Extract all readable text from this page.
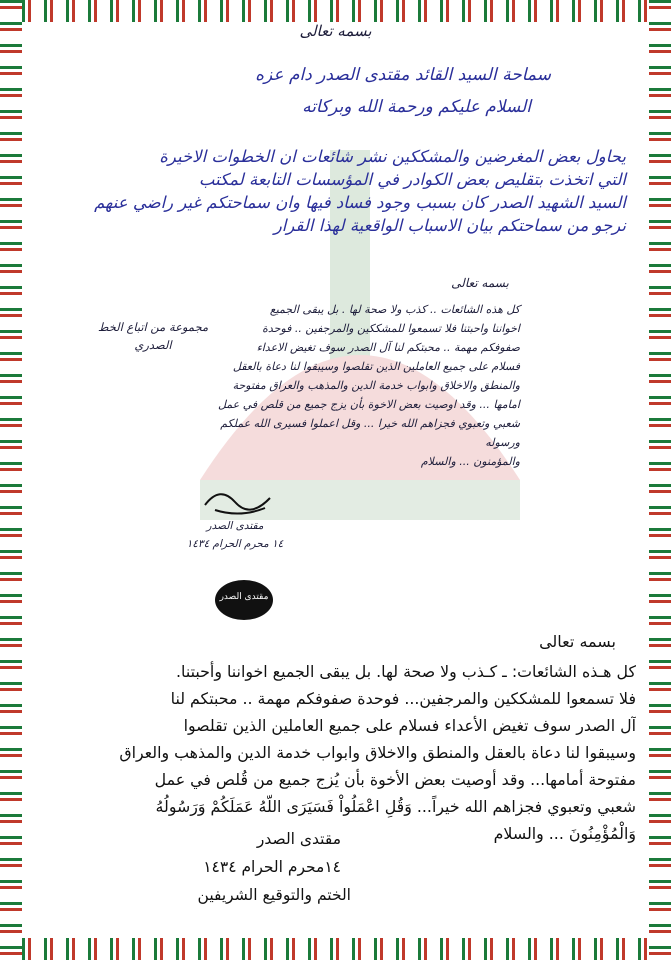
بسمه تعالى
سماحة السيد القائد مقتدى الصدر دام عزه
السلام عليكم ورحمة الله وبركاته
يحاول بعض المغرضين والمشككين نشر شائعات ان الخطوات الاخيرة
التي اتخذت بتقليص بعض الكوادر في المؤسسات التابعة لمكتب
السيد الشهيد الصدر كان بسبب وجود فساد فيها وان سماحتكم غير راضي عنهم
نرجو من سماحتكم بيان الاسباب الواقعية لهذا القرار
بسمه تعالى
مجموعة من اتباع الخط الصدري
كل هذه الشائعات .. كذب ولا صحة لها . بل يبقى الجميع
اخواننا واحبتنا فلا تسمعوا للمشككين والمرجفين .. فوحدة
صفوفكم مهمة .. محبتكم لنا آل الصدر سوف تغيض الاعداء
فسلام على جميع العاملين الذين تقلصوا وسيبقوا لنا دعاة بالعقل
والمنطق والاخلاق وابواب خدمة الدين والمذهب والعراق مفتوحة
امامها ... وقد اوصيت بعض الاخوة بأن يزج جميع من قلص في عمل
شعبي وتعبوي فجزاهم الله خيرا ... وقل اعملوا فسيرى الله عملكم ورسوله
والمؤمنون ... والسلام
مقتدى الصدر
١٤ محرم الحرام ١٤٣٤
مقتدى الصدر
بسمه تعالى
كل هـذه الشائعات: ـ كـذب ولا صحة لها. بل يبقى الجميع اخواننا وأحبتنا.
فلا تسمعوا للمشككين والمرجفين... فوحدة صفوفكم مهمة .. محبتكم لنا
آل الصدر سوف تغيض الأعداء فسلام على جميع العاملين الذين تقلصوا
وسيبقوا لنا دعاة بالعقل والمنطق والاخلاق وابواب خدمة الدين والمذهب والعراق
مفتوحة أمامها... وقد أوصيت بعض الأخوة بأن يُزج جميع من قُلص في عمل
شعبي وتعبوي فجزاهم الله خيراً... وَقُلِ اعْمَلُواْ فَسَيَرَى اللّهُ عَمَلَكُمْ وَرَسُولُهُ
وَالْمُؤْمِنُونَ ... والسلام
مقتدى الصدر
١٤محرم الحرام ١٤٣٤
الختم والتوقيع الشريفين
